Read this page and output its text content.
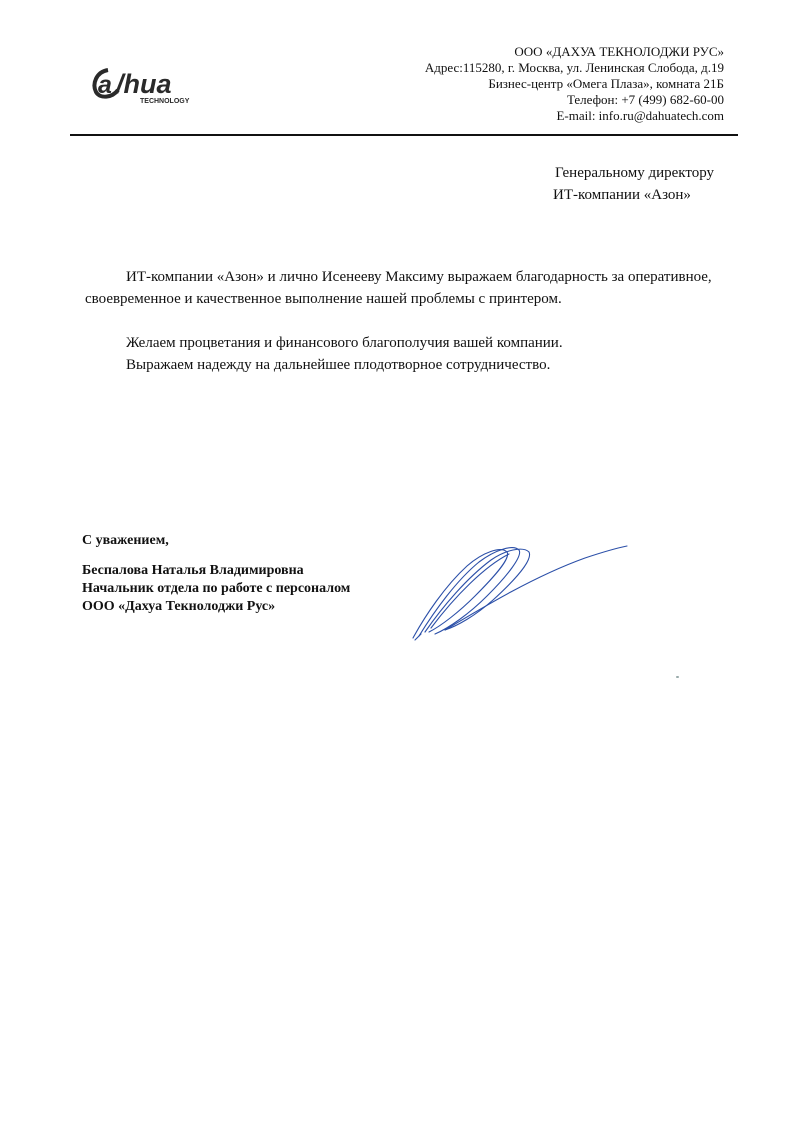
a /hua
TECHNOLOGY
ООО «ДАХУА ТЕКНОЛОДЖИ РУС»
Адрес:115280, г. Москва, ул. Ленинская Слобода, д.19
Бизнес-центр «Омега Плаза», комната 21Б
Телефон: +7 (499) 682-60-00
E-mail: info.ru@dahuatech.com
Генеральному директору
ИТ-компании «Азон»

ИТ-компании «Азон» и лично Исенееву Максиму выражаем благодарность за оперативное, своевременное и качественное выполнение нашей проблемы с принтером.

Желаем процветания и финансового благополучия вашей компании.
Выражаем надежду на дальнейшее плодотворное сотрудничество.

С уважением,
Беспалова Наталья Владимировна
Начальник отдела по работе с персоналом
ООО «Дахуа Текнолоджи Рус»
